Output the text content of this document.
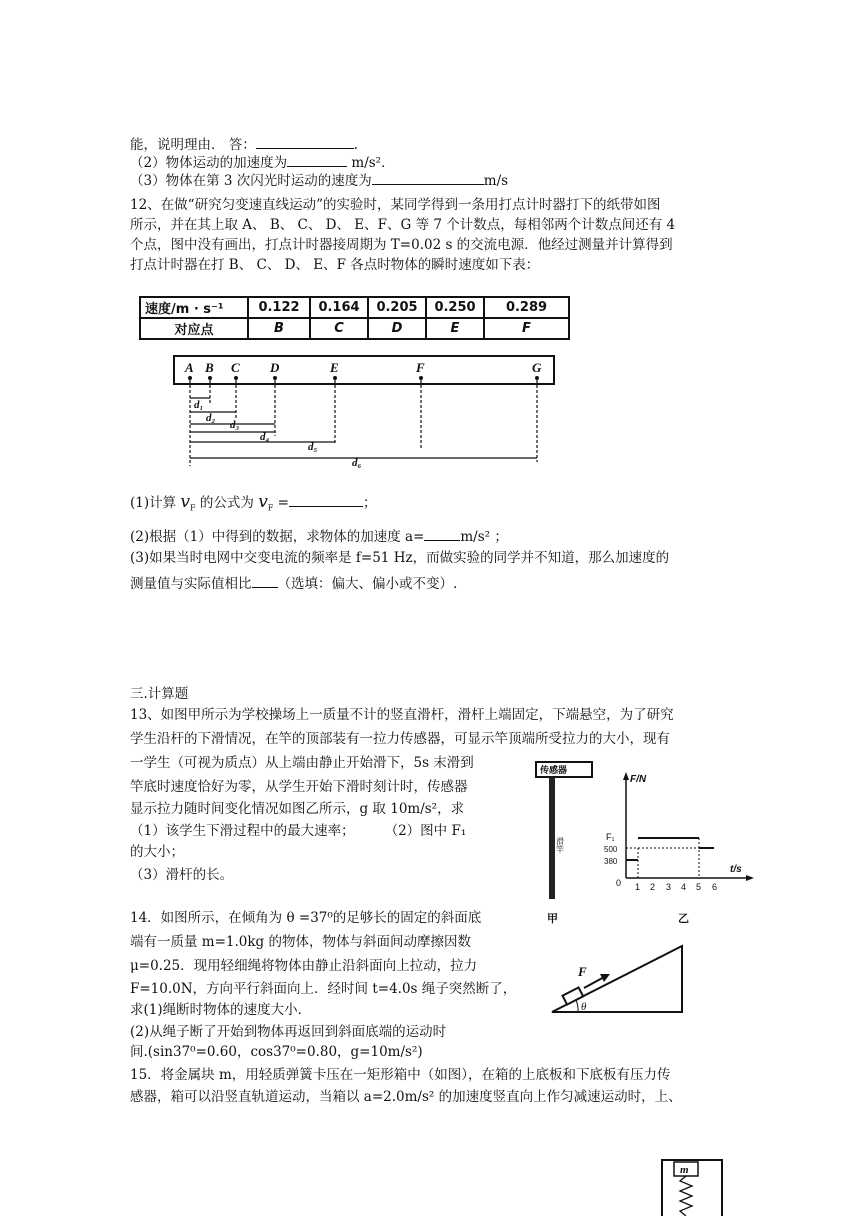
能，说明理由． 答：	.
（2）物体运动的加速度为	m/s²．
（3）物体在第 3 次闪光时运动的速度为	m/s
12、在做“研究匀变速直线运动”的实验时，某同学得到一条用打点计时器打下的纸带如图
所示，并在其上取 A、 B、 C、 D、 E、F、G 等 7 个计数点，每相邻两个计数点间还有 4
个点，图中没有画出，打点计时器接周期为 T=0.02 s 的交流电源．他经过测量并计算得到
打点计时器在打 B、 C、 D、 E、F 各点时物体的瞬时速度如下表：
速度/m · s⁻¹	0.122	0.164	0.205	0.250	0.289
对应点	B	C	D	E	F
A B C D	E	F	G
d₁
d₂
d₃
d₄
d₅
d₆
(1)计算 $v_F$ 的公式为 $v_F$ =	；
(2)根据（1）中得到的数据，求物体的加速度 a=	m/s² ；
(3)如果当时电网中交变电流的频率是 f=51 Hz，而做实验的同学并不知道，那么加速度的
测量值与实际值相比 （选填：偏大、偏小或不变）.
三.计算题
13、如图甲所示为学校操场上一质量不计的竖直滑杆，滑杆上端固定，下端悬空，为了研究
学生沿杆的下滑情况，在竿的顶部装有一拉力传感器，可显示竿顶端所受拉力的大小，现有
一学生（可视为质点）从上端由静止开始滑下，5s 末滑到
竿底时速度恰好为零，从学生开始下滑时刻计时，传感器
显示拉力随时间变化情况如图乙所示，g 取 10m/s²，求
（1）该学生下滑过程中的最大速率； （2）图中 F₁
的大小；
（3）滑杆的长。
传感器
滑竿
甲
F/N
t/s
F₁
500
380
0 1 2 3 4 5 6
乙
14．如图所示，在倾角为 θ =37⁰的足够长的固定的斜面底
端有一质量 m=1.0kg 的物体，物体与斜面间动摩擦因数
μ=0.25．现用轻细绳将物体由静止沿斜面向上拉动，拉力
F=10.0N，方向平行斜面向上．经时间 t=4.0s 绳子突然断了，
求(1)绳断时物体的速度大小．
(2)从绳子断了开始到物体再返回到斜面底端的运动时
间.(sin37⁰=0.60，cos37⁰=0.80，g=10m/s²)
F
θ
15．将金属块 m，用轻质弹簧卡压在一矩形箱中（如图），在箱的上底板和下底板有压力传
感器，箱可以沿竖直轨道运动，当箱以 a=2.0m/s² 的加速度竖直向上作匀减速运动时，上、
m
